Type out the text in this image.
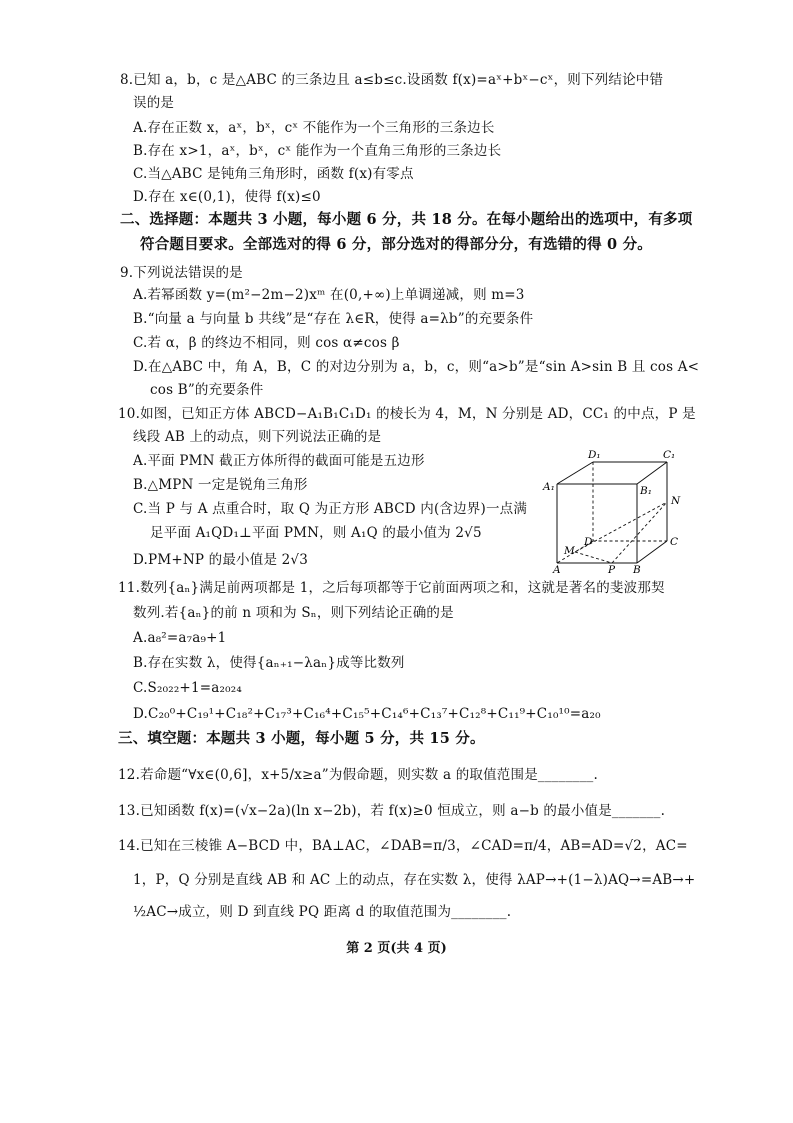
8.已知 a，b，c 是△ABC 的三条边且 a≤b≤c.设函数 f(x)=aˣ+bˣ−cˣ，则下列结论中错
误的是
A.存在正数 x，aˣ，bˣ，cˣ 不能作为一个三角形的三条边长
B.存在 x>1，aˣ，bˣ，cˣ 能作为一个直角三角形的三条边长
C.当△ABC 是钝角三角形时，函数 f(x)有零点
D.存在 x∈(0,1)，使得 f(x)≤0
二、选择题：本题共 3 小题，每小题 6 分，共 18 分。在每小题给出的选项中，有多项
符合题目要求。全部选对的得 6 分，部分选对的得部分分，有选错的得 0 分。
9.下列说法错误的是
A.若幂函数 y=(m²−2m−2)xᵐ 在(0,+∞)上单调递减，则 m=3
B.“向量 a 与向量 b 共线”是“存在 λ∈R，使得 a=λb”的充要条件
C.若 α，β 的终边不相同，则 cos α≠cos β
D.在△ABC 中，角 A，B，C 的对边分别为 a，b，c，则“a>b”是“sin A>sin B 且 cos A<
cos B”的充要条件
10.如图，已知正方体 ABCD−A₁B₁C₁D₁ 的棱长为 4，M，N 分别是 AD，CC₁ 的中点，P 是
线段 AB 上的动点，则下列说法正确的是
A.平面 PMN 截正方体所得的截面可能是五边形
B.△MPN 一定是锐角三角形
C.当 P 与 A 点重合时，取 Q 为正方形 ABCD 内(含边界)一点满
足平面 A₁QD₁⊥平面 PMN，则 A₁Q 的最小值为 2√5
D.PM+NP 的最小值是 2√3
D₁	C₁
A₁	B₁
N
D	C
M
A	P B
11.数列{aₙ}满足前两项都是 1，之后每项都等于它前面两项之和，这就是著名的斐波那契
数列.若{aₙ}的前 n 项和为 Sₙ，则下列结论正确的是
A.a₈²=a₇a₉+1
B.存在实数 λ，使得{aₙ₊₁−λaₙ}成等比数列
C.S₂₀₂₂+1=a₂₀₂₄
D.C₂₀⁰+C₁₉¹+C₁₈²+C₁₇³+C₁₆⁴+C₁₅⁵+C₁₄⁶+C₁₃⁷+C₁₂⁸+C₁₁⁹+C₁₀¹⁰=a₂₀
三、填空题：本题共 3 小题，每小题 5 分，共 15 分。
12.若命题“∀x∈(0,6]，x+5/x≥a”为假命题，则实数 a 的取值范围是________.
13.已知函数 f(x)=(√x−2a)(ln x−2b)，若 f(x)≥0 恒成立，则 a−b 的最小值是_______.
14.已知在三棱锥 A−BCD 中，BA⊥AC，∠DAB=π/3，∠CAD=π/4，AB=AD=√2，AC=
1，P，Q 分别是直线 AB 和 AC 上的动点，存在实数 λ，使得 λAP→+(1−λ)AQ→=AB→+
½AC→成立，则 D 到直线 PQ 距离 d 的取值范围为________.
第 2 页(共 4 页)
